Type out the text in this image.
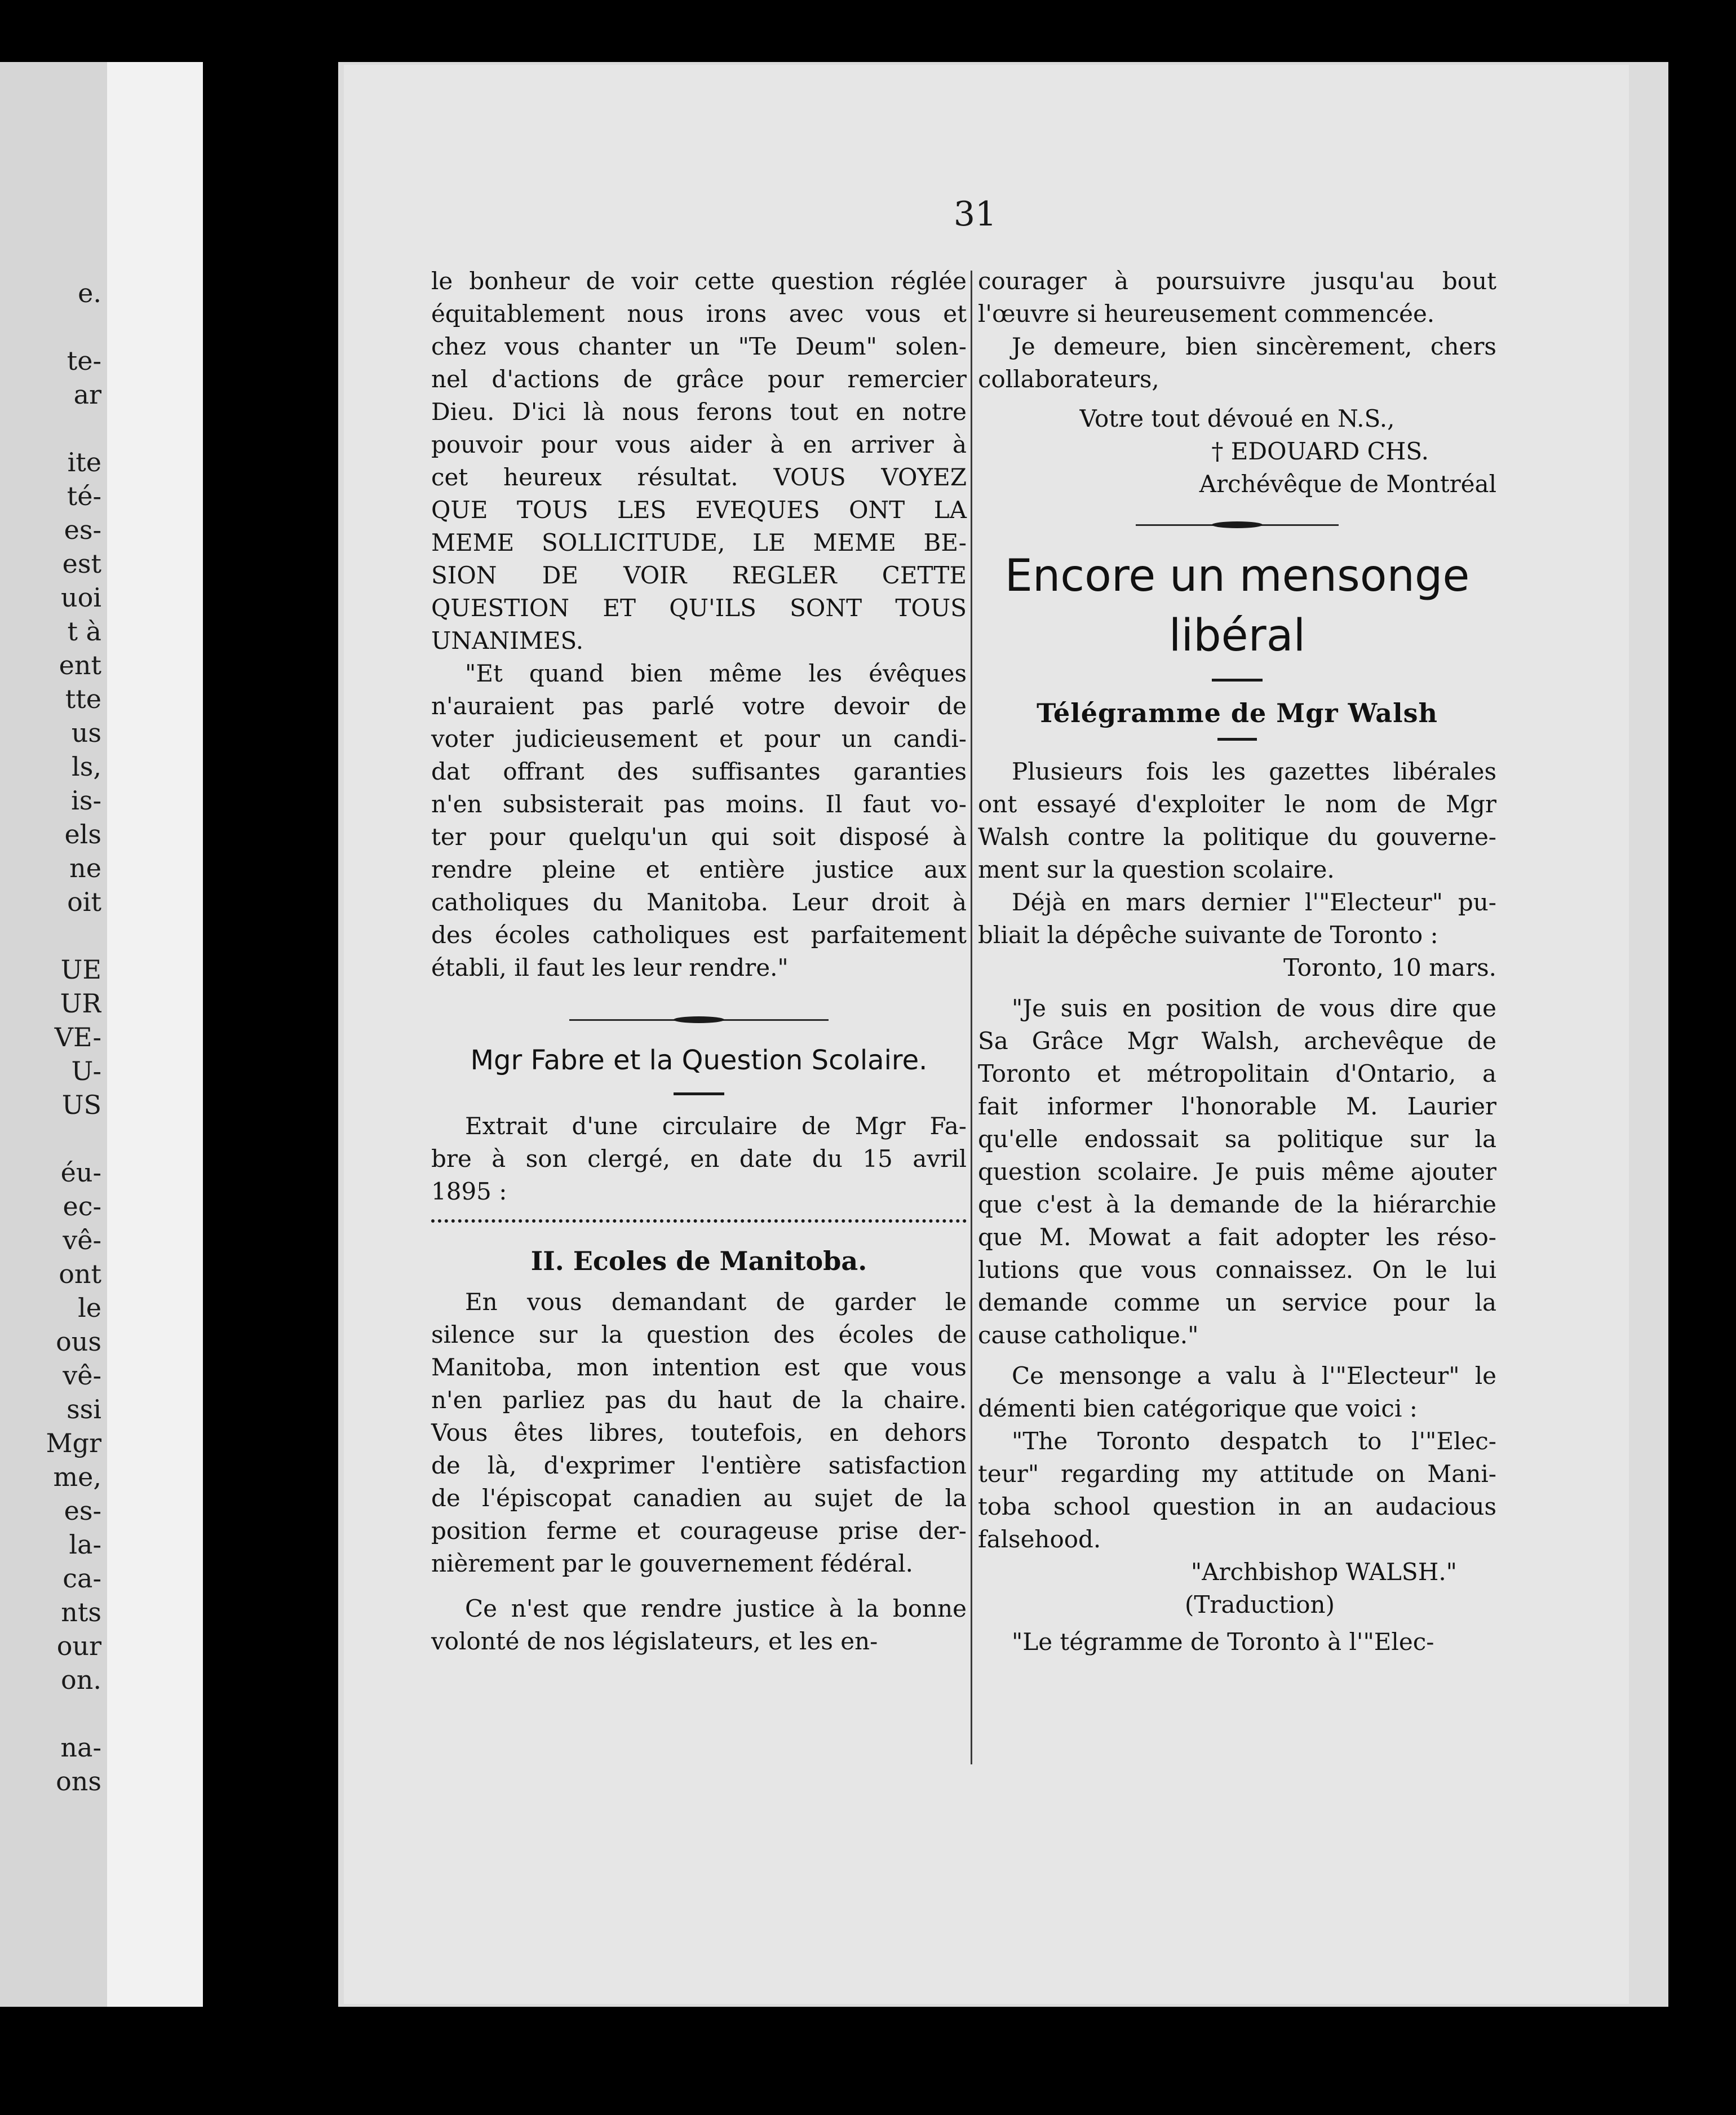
e.
te-
ar
ite
té-
es-
est
uoi
t à
ent
tte
us
ls,
is-
els
ne
oit
UE
UR
VE-
U-
US
éu-
ec-
vê-
ont
le
ous
vê-
ssi
Mgr
me,
es-
la-
ca-
nts
our
on.
na-
ons
31

le bonheur de voir cette question réglée

équitablement nous irons avec vous et

chez vous chanter un "Te Deum" solen-

nel d'actions de grâce pour remercier

Dieu. D'ici là nous ferons tout en notre

pouvoir pour vous aider à en arriver à

cet heureux résultat. VOUS VOYEZ

QUE TOUS LES EVEQUES ONT LA

MEME SOLLICITUDE, LE MEME BE-

SION DE VOIR REGLER CETTE

QUESTION ET QU'ILS SONT TOUS

UNANIMES.

"Et quand bien même les évêques

n'auraient pas parlé votre devoir de

voter judicieusement et pour un candi-

dat offrant des suffisantes garanties

n'en subsisterait pas moins. Il faut vo-

ter pour quelqu'un qui soit disposé à

rendre pleine et entière justice aux

catholiques du Manitoba. Leur droit à

des écoles catholiques est parfaitement

établi, il faut les leur rendre."

Mgr Fabre et la Question Scolaire.

Extrait d'une circulaire de Mgr Fa-

bre à son clergé, en date du 15 avril

1895 :

II. Ecoles de Manitoba.

En vous demandant de garder le

silence sur la question des écoles de

Manitoba, mon intention est que vous

n'en parliez pas du haut de la chaire.

Vous êtes libres, toutefois, en dehors

de là, d'exprimer l'entière satisfaction

de l'épiscopat canadien au sujet de la

position ferme et courageuse prise der-

nièrement par le gouvernement fédéral.

Ce n'est que rendre justice à la bonne

volonté de nos législateurs, et les en-

courager à poursuivre jusqu'au bout

l'œuvre si heureusement commencée.

Je demeure, bien sincèrement, chers

collaborateurs,

Votre tout dévoué en N.S.,

† EDOUARD CHS.

Archévêque de Montréal

Encore un mensonge
libéral
Télégramme de Mgr Walsh

Plusieurs fois les gazettes libérales

ont essayé d'exploiter le nom de Mgr

Walsh contre la politique du gouverne-

ment sur la question scolaire.

Déjà en mars dernier l'"Electeur" pu-

bliait la dépêche suivante de Toronto :

Toronto, 10 mars.

"Je suis en position de vous dire que

Sa Grâce Mgr Walsh, archevêque de

Toronto et métropolitain d'Ontario, a

fait informer l'honorable M. Laurier

qu'elle endossait sa politique sur la

question scolaire. Je puis même ajouter

que c'est à la demande de la hiérarchie

que M. Mowat a fait adopter les réso-

lutions que vous connaissez. On le lui

demande comme un service pour la

cause catholique."

Ce mensonge a valu à l'"Electeur" le

démenti bien catégorique que voici :

"The Toronto despatch to l'"Elec-

teur" regarding my attitude on Mani-

toba school question in an audacious

falsehood.

"Archbishop WALSH."

(Traduction)

"Le tégramme de Toronto à l'"Elec-
